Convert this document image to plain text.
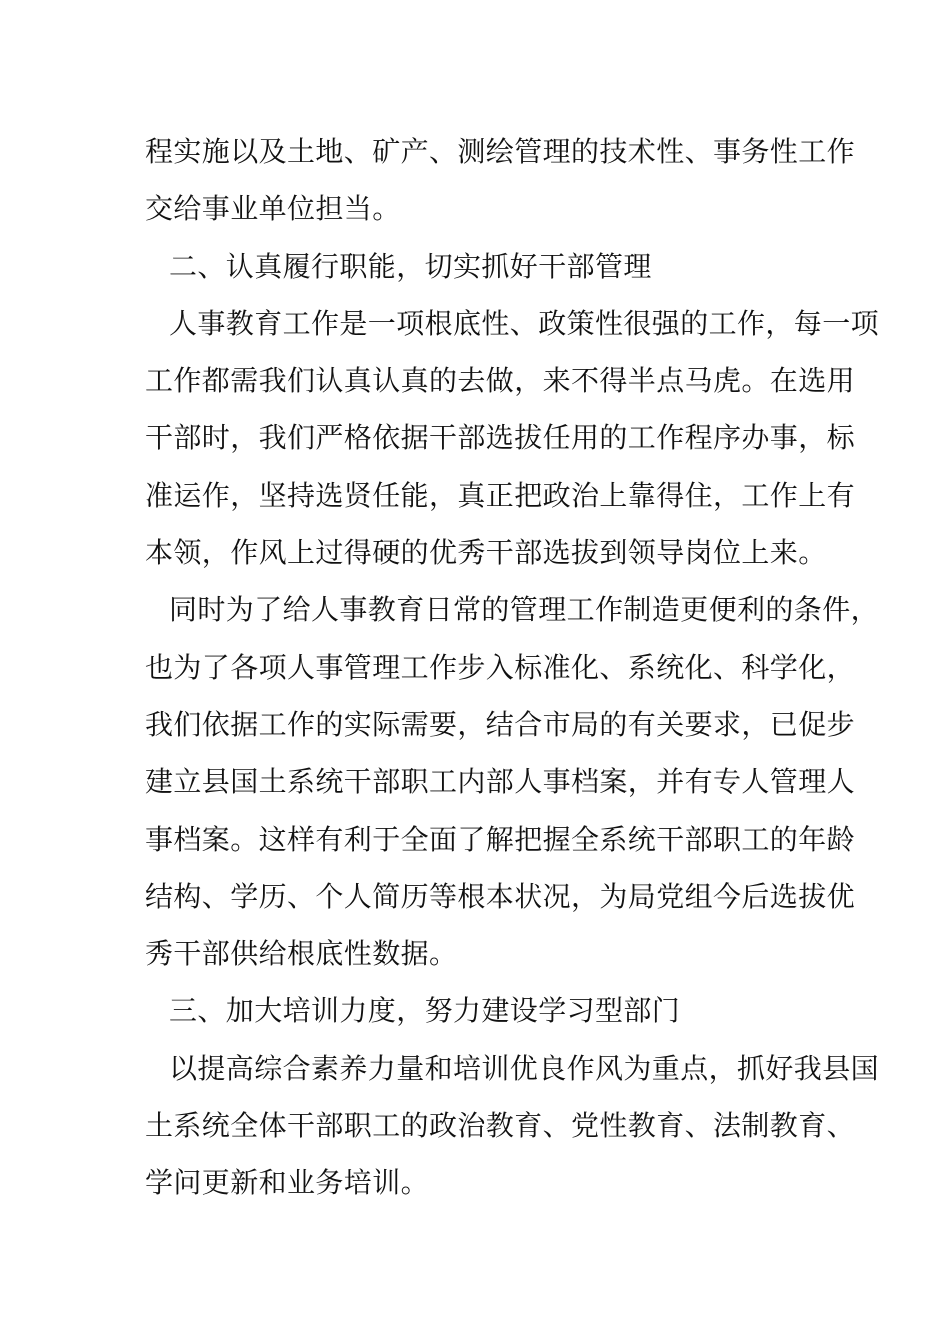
程实施以及土地、矿产、测绘管理的技术性、事务性工作
交给事业单位担当。
二、认真履行职能，切实抓好干部管理
人事教育工作是一项根底性、政策性很强的工作，每一项
工作都需我们认真认真的去做，来不得半点马虎。在选用
干部时，我们严格依据干部选拔任用的工作程序办事，标
准运作，坚持选贤任能，真正把政治上靠得住，工作上有
本领，作风上过得硬的优秀干部选拔到领导岗位上来。
同时为了给人事教育日常的管理工作制造更便利的条件，
也为了各项人事管理工作步入标准化、系统化、科学化，
我们依据工作的实际需要，结合市局的有关要求，已促步
建立县国土系统干部职工内部人事档案，并有专人管理人
事档案。这样有利于全面了解把握全系统干部职工的年龄
结构、学历、个人简历等根本状况，为局党组今后选拔优
秀干部供给根底性数据。
三、加大培训力度，努力建设学习型部门
以提高综合素养力量和培训优良作风为重点，抓好我县国
土系统全体干部职工的政治教育、党性教育、法制教育、
学问更新和业务培训。
